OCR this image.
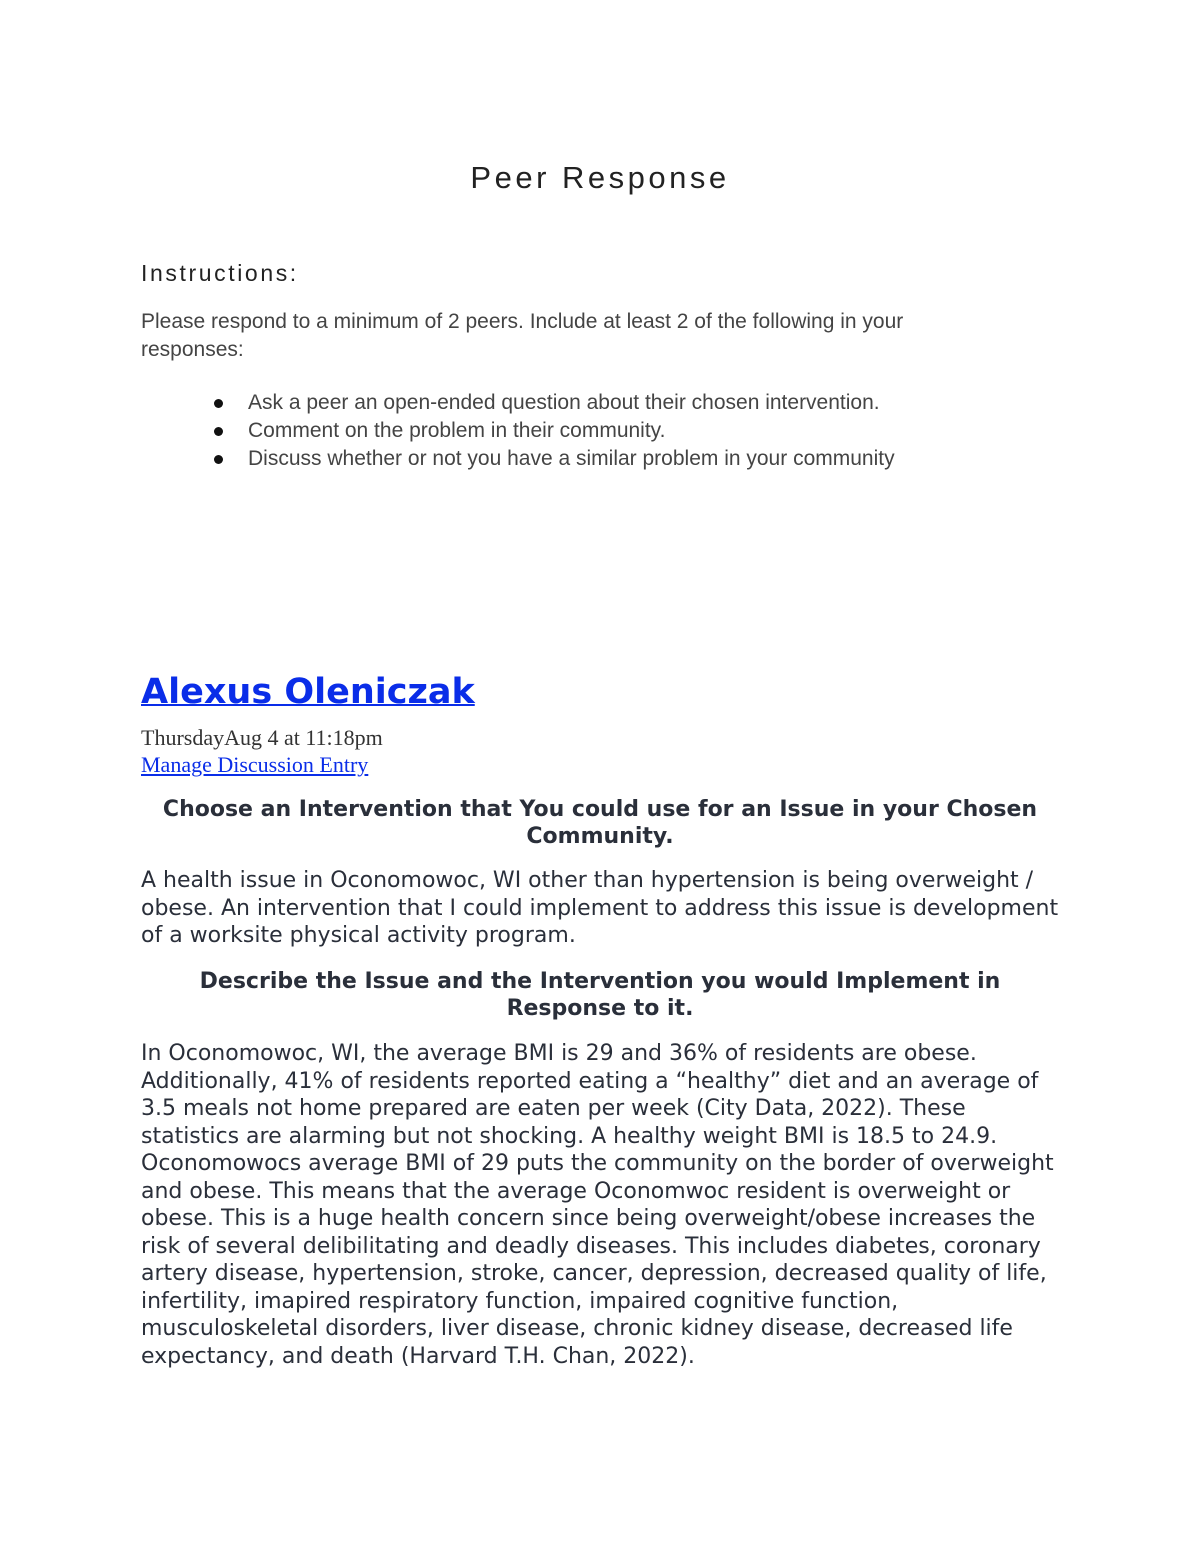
Peer Response
Instructions:

Please respond to a minimum of 2 peers. Include at least 2 of the following in your responses:

Ask a peer an open-ended question about their chosen intervention.
Comment on the problem in their community.
Discuss whether or not you have a similar problem in your community
Alexus Oleniczak
ThursdayAug 4 at 11:18pm
Manage Discussion Entry
Choose an Intervention that You could use for an Issue in your Chosen Community.

A health issue in Oconomowoc, WI other than hypertension is being overweight / obese. An intervention that I could implement to address this issue is development of a worksite physical activity program.

Describe the Issue and the Intervention you would Implement in Response to it.

In Oconomowoc, WI, the average BMI is 29 and 36% of residents are obese. Additionally, 41% of residents reported eating a “healthy” diet and an average of 3.5 meals not home prepared are eaten per week (City Data, 2022). These statistics are alarming but not shocking. A healthy weight BMI is 18.5 to 24.9. Oconomowocs average BMI of 29 puts the community on the border of overweight and obese. This means that the average Oconomwoc resident is overweight or obese. This is a huge health concern since being overweight/obese increases the risk of several delibilitating and deadly diseases. This includes diabetes, coronary artery disease, hypertension, stroke, cancer, depression, decreased quality of life, infertility, imapired respiratory function, impaired cognitive function, musculoskeletal disorders, liver disease, chronic kidney disease, decreased life expectancy, and death (Harvard T.H. Chan, 2022).
